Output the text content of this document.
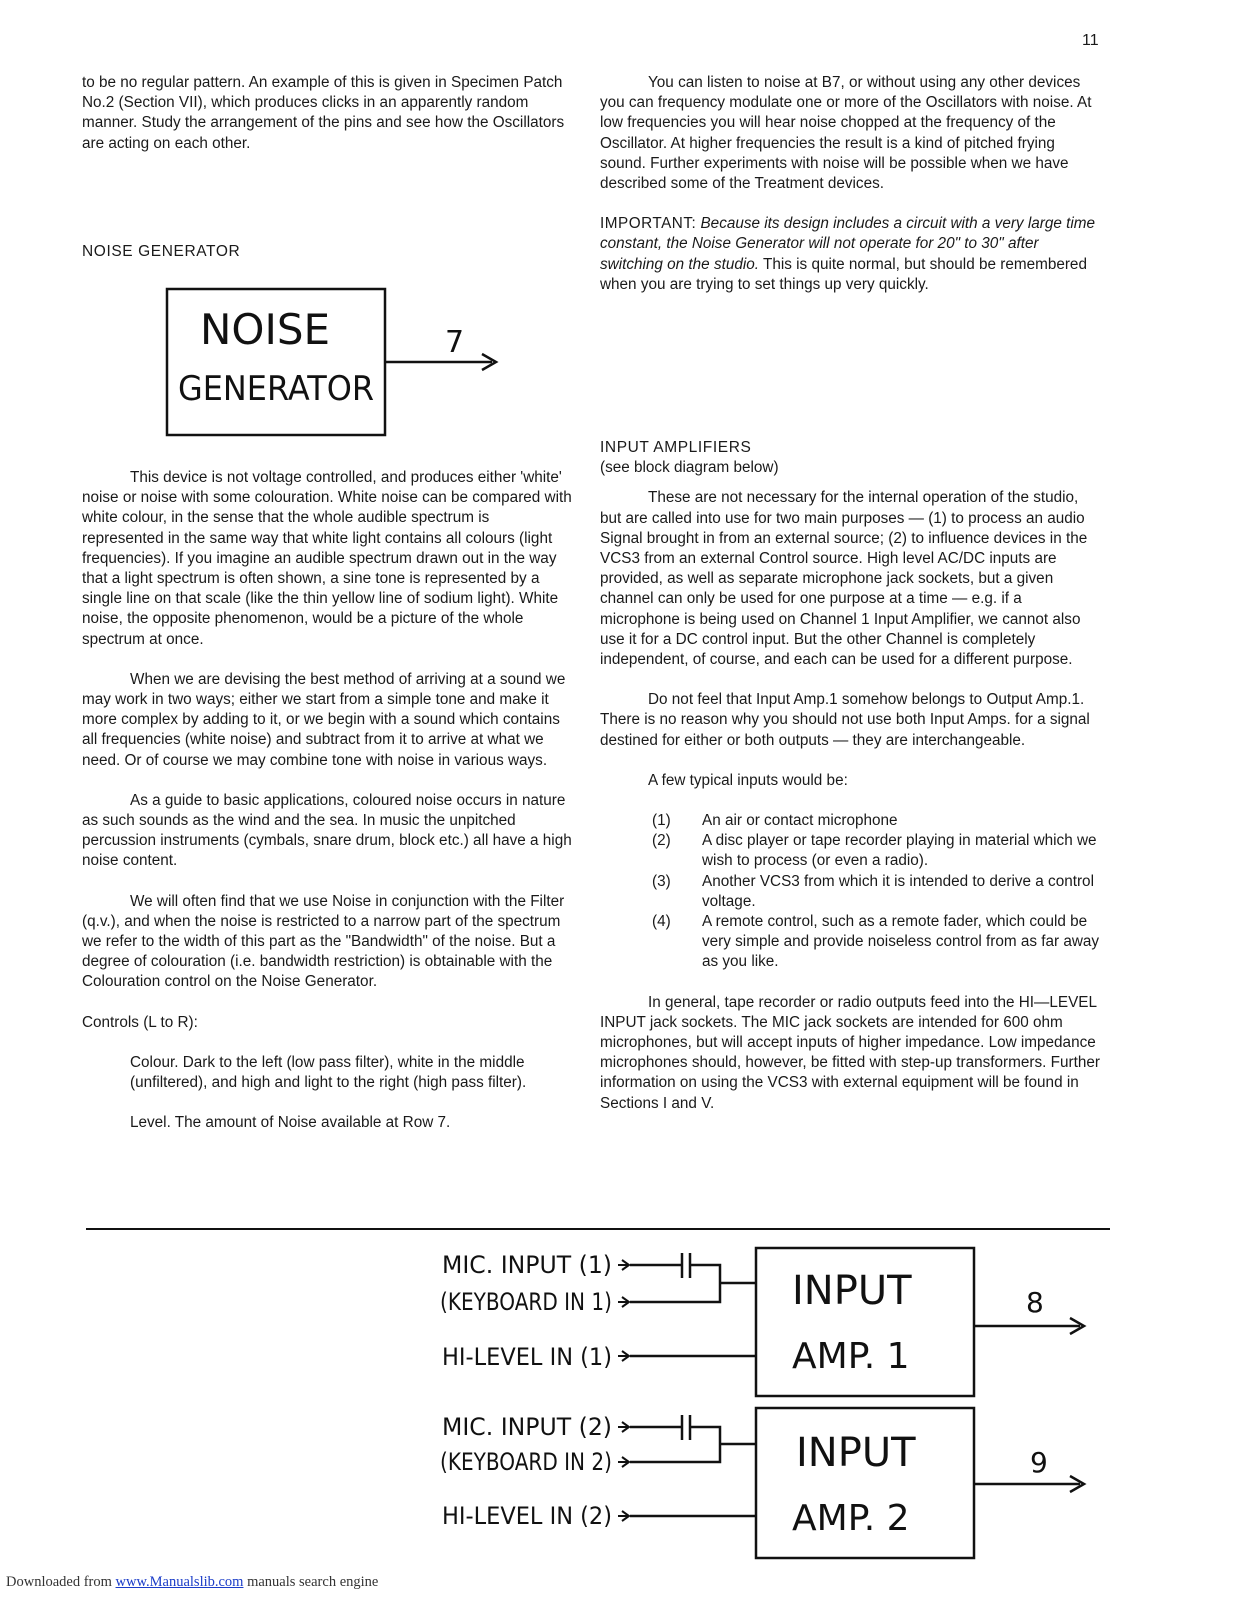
11

to be no regular pattern. An example of this is given in Specimen Patch No.2 (Section VII), which produces clicks in an apparently random manner. Study the arrangement of the pins and see how the Oscillators are acting on each other.

NOISE GENERATOR
NOISE
GENERATOR
7

This device is not voltage controlled, and produces either 'white' noise or noise with some colouration. White noise can be compared with white colour, in the sense that the whole audible spectrum is represented in the same way that white light contains all colours (light frequencies). If you imagine an audible spectrum drawn out in the way that a light spectrum is often shown, a sine tone is represented by a single line on that scale (like the thin yellow line of sodium light). White noise, the opposite phenomenon, would be a picture of the whole spectrum at once.

When we are devising the best method of arriving at a sound we may work in two ways; either we start from a simple tone and make it more complex by adding to it, or we begin with a sound which contains all frequencies (white noise) and subtract from it to arrive at what we need. Or of course we may combine tone with noise in various ways.

As a guide to basic applications, coloured noise occurs in nature as such sounds as the wind and the sea. In music the unpitched percussion instruments (cymbals, snare drum, block etc.) all have a high noise content.

We will often find that we use Noise in conjunction with the Filter (q.v.), and when the noise is restricted to a narrow part of the spectrum we refer to the width of this part as the "Bandwidth" of the noise. But a degree of colouration (i.e. bandwidth restriction) is obtainable with the Colouration control on the Noise Generator.

Controls (L to R):

Colour. Dark to the left (low pass filter), white in the middle (unfiltered), and high and light to the right (high pass filter).

Level. The amount of Noise available at Row 7.

You can listen to noise at B7, or without using any other devices you can frequency modulate one or more of the Oscillators with noise. At low frequencies you will hear noise chopped at the frequency of the Oscillator. At higher frequencies the result is a kind of pitched frying sound. Further experiments with noise will be possible when we have described some of the Treatment devices.

IMPORTANT: Because its design includes a circuit with a very large time constant, the Noise Generator will not operate for 20" to 30" after switching on the studio. This is quite normal, but should be remembered when you are trying to set things up very quickly.

INPUT AMPLIFIERS

(see block diagram below)

These are not necessary for the internal operation of the studio, but are called into use for two main purposes — (1) to process an audio Signal brought in from an external source; (2) to influence devices in the VCS3 from an external Control source. High level AC/DC inputs are provided, as well as separate microphone jack sockets, but a given channel can only be used for one purpose at a time — e.g. if a microphone is being used on Channel 1 Input Amplifier, we cannot also use it for a DC control input. But the other Channel is completely independent, of course, and each can be used for a different purpose.

Do not feel that Input Amp.1 somehow belongs to Output Amp.1. There is no reason why you should not use both Input Amps. for a signal destined for either or both outputs — they are interchangeable.

A few typical inputs would be:

(1) An air or contact microphone
(2) A disc player or tape recorder playing in material which we wish to process (or even a radio).
(3) Another VCS3 from which it is intended to derive a control voltage.
(4) A remote control, such as a remote fader, which could be very simple and provide noiseless control from as far away as you like.

In general, tape recorder or radio outputs feed into the HI—LEVEL INPUT jack sockets. The MIC jack sockets are intended for 600 ohm microphones, but will accept inputs of higher impedance. Low impedance microphones should, however, be fitted with step-up transformers. Further information on using the VCS3 with external equipment will be found in Sections I and V.

MIC. INPUT (1)
(KEYBOARD IN 1)
HI-LEVEL IN (1)
INPUT
AMP. 1
8
MIC. INPUT (2)
(KEYBOARD IN 2)
HI-LEVEL IN (2)
INPUT
AMP. 2
9
Downloaded from www.Manualslib.com manuals search engine
